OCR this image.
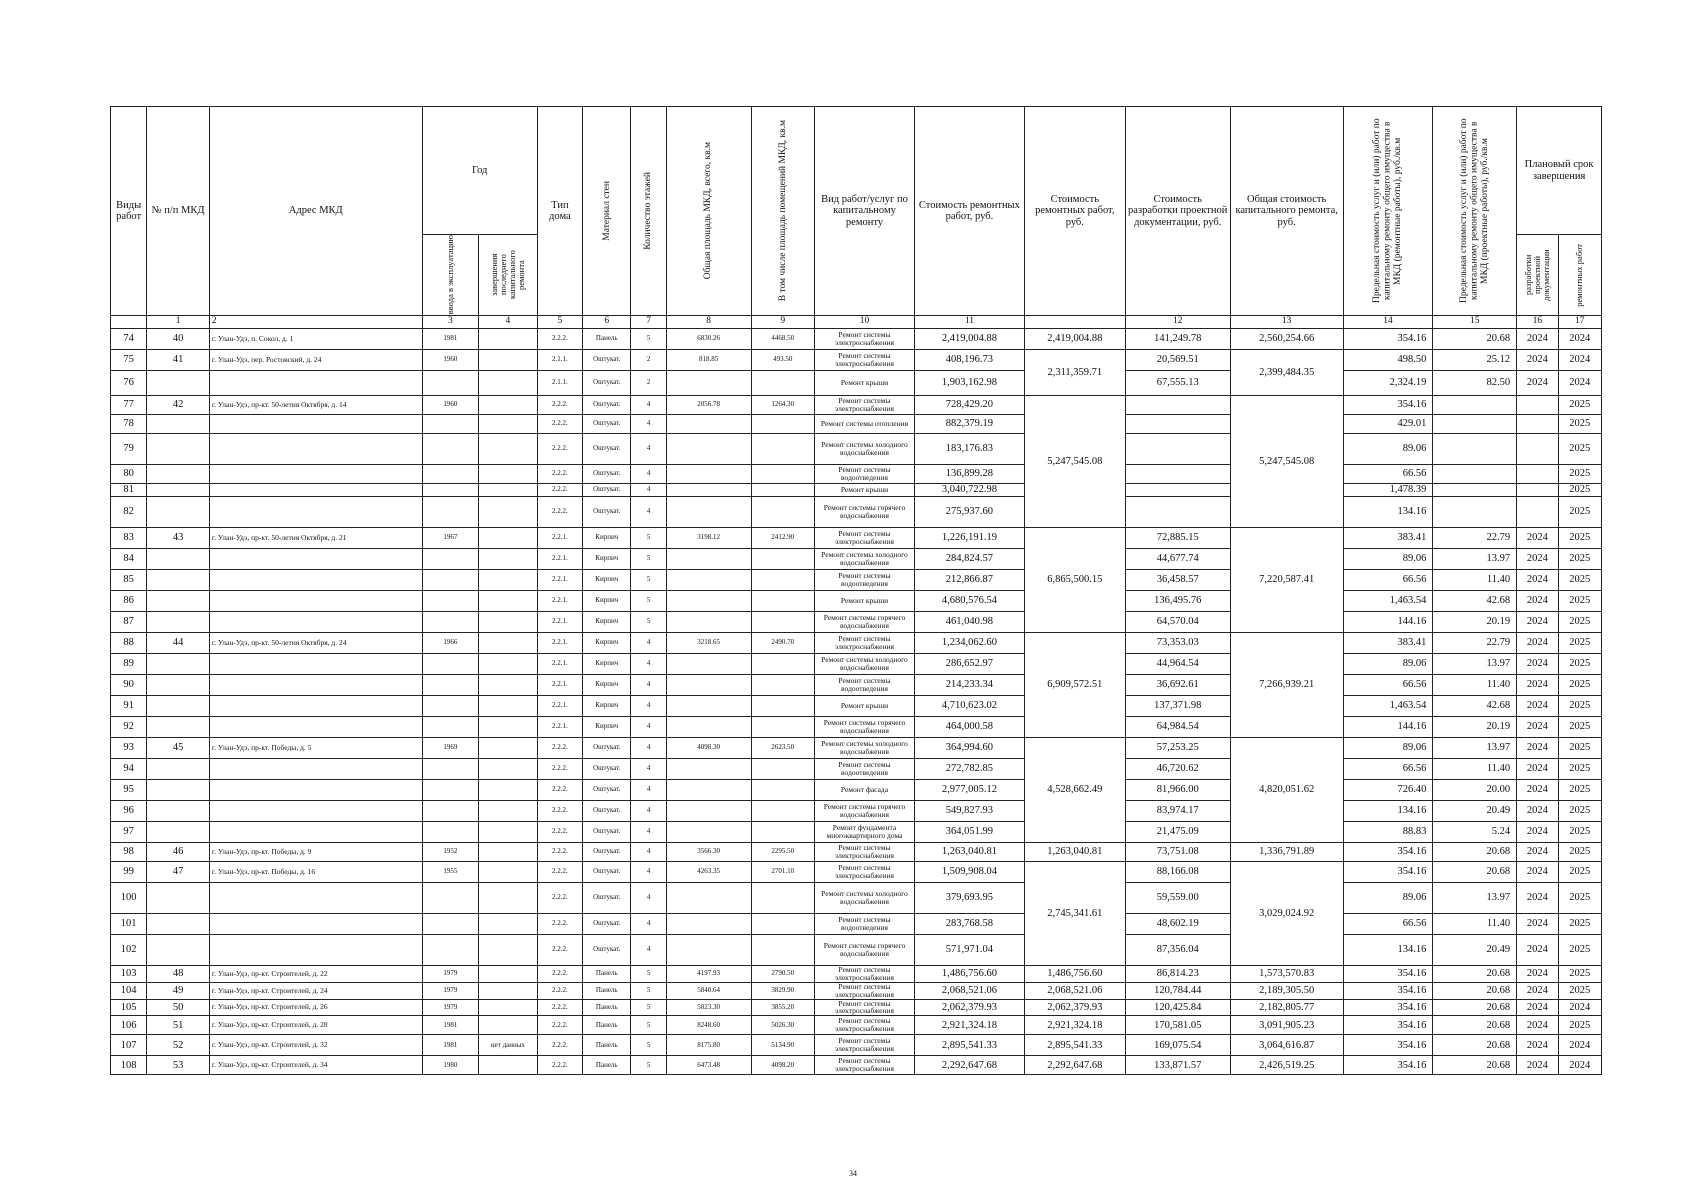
Виды работ	№ п/п МКД	Адрес МКД	Год		Тип дома	Материал стен	Количество этажей	Общая площадь МКД, всего, кв.м	В том числе площадь помещений МКД, кв.м	Вид работ/услуг по капитальному ремонту	Стоимость ремонтных работ, руб.	Стоимость ремонтных работ, руб.	Стоимость разработки проектной документации, руб.	Общая стоимость капитального ремонта, руб.	Предельная стоимость услуг и (или) работ по капитальному ремонту общего имущества в МКД (ремонтные работы), руб./кв.м	Предельная стоимость услуг и (или) работ по капитальному ремонту общего имущества в МКД (проектные работы), руб./кв.м	Плановый срок завершения	

			ввода в эксплуатацию	завершения последнего капитального ремонта													разработки проектной документации	ремонтных работ

	1	2	3	4	5	6	7	8	9	10	11		12	13	14	15	16	17
74	40	г. Улан-Удэ, п. Сокол, д. 1	1981		2.2.2.	Панель	5	6830.26	4468.50	Ремонт системы электроснабжения	2,419,004.88	2,419,004.88	141,249.78	2,560,254.66	354.16	20.68	2024	2024
75	41	г. Улан-Удэ, пер. Ростовский, д. 24	1960		2.1.1.	Оштукат.	2	818.85	493.50	Ремонт системы электроснабжения	408,196.73	2,311,359.71	20,569.51	2,399,484.35	498.50	25.12	2024	2024
76					2.1.1.	Оштукат.	2			Ремонт крыши	1,903,162.98		67,555.13		2,324.19	82.50	2024	2024
77	42	г. Улан-Удэ, пр-кт. 50-летия Октября, д. 14	1960		2.2.2.	Оштукат.	4	2056.78	1264.30	Ремонт системы электроснабжения	728,429.20	5,247,545.08		5,247,545.08	354.16			2025
78					2.2.2.	Оштукат.	4			Ремонт системы отопления	882,379.19				429.01			2025
79					2.2.2.	Оштукат.	4			Ремонт системы холодного водоснабжения	183,176.83				89.06			2025
80					2.2.2.	Оштукат.	4			Ремонт системы водоотведения	136,899.28				66.56			2025
81					2.2.2.	Оштукат.	4			Ремонт крыши	3,040,722.98				1,478.39			2025
82					2.2.2.	Оштукат.	4			Ремонт системы горячего водоснабжения	275,937.60				134.16			2025
83	43	г. Улан-Удэ, пр-кт. 50-летия Октября, д. 21	1967		2.2.1.	Кирпич	5	3198.12	2412.90	Ремонт системы электроснабжения	1,226,191.19	6,865,500.15	72,885.15	7,220,587.41	383.41	22.79	2024	2025
84					2.2.1.	Кирпич	5			Ремонт системы холодного водоснабжения	284,824.57		44,677.74		89.06	13.97	2024	2025
85					2.2.1.	Кирпич	5			Ремонт системы водоотведения	212,866.87		36,458.57		66.56	11.40	2024	2025
86					2.2.1.	Кирпич	5			Ремонт крыши	4,680,576.54		136,495.76		1,463.54	42.68	2024	2025
87					2.2.1.	Кирпич	5			Ремонт системы горячего водоснабжения	461,040.98		64,570.04		144.16	20.19	2024	2025
88	44	г. Улан-Удэ, пр-кт. 50-летия Октября, д. 24	1966		2.2.1.	Кирпич	4	3218.65	2490.70	Ремонт системы электроснабжения	1,234,062.60	6,909,572.51	73,353.03	7,266,939.21	383.41	22.79	2024	2025
89					2.2.1.	Кирпич	4			Ремонт системы холодного водоснабжения	286,652.97		44,964.54		89.06	13.97	2024	2025
90					2.2.1.	Кирпич	4			Ремонт системы водоотведения	214,233.34		36,692.61		66.56	11.40	2024	2025
91					2.2.1.	Кирпич	4			Ремонт крыши	4,710,623.02		137,371.98		1,463.54	42.68	2024	2025
92					2.2.1.	Кирпич	4			Ремонт системы горячего водоснабжения	464,000.58		64,984.54		144.16	20.19	2024	2025
93	45	г. Улан-Удэ, пр-кт. Победы, д. 5	1969		2.2.2.	Оштукат.	4	4098.30	2623.50	Ремонт системы холодного водоснабжения	364,994.60	4,528,662.49	57,253.25	4,820,051.62	89.06	13.97	2024	2025
94					2.2.2.	Оштукат.	4			Ремонт системы водоотведения	272,782.85		46,720.62		66.56	11.40	2024	2025
95					2.2.2.	Оштукат.	4			Ремонт фасада	2,977,005.12		81,966.00		726.40	20.00	2024	2025
96					2.2.2.	Оштукат.	4			Ремонт системы горячего водоснабжения	549,827.93		83,974.17		134.16	20.49	2024	2025
97					2.2.2.	Оштукат.	4			Ремонт фундамента многоквартирного дома	364,051.99		21,475.09		88.83	5.24	2024	2025
98	46	г. Улан-Удэ, пр-кт. Победы, д. 9	1952		2.2.2.	Оштукат.	4	3566.30	2295.50	Ремонт системы электроснабжения	1,263,040.81	1,263,040.81	73,751.08	1,336,791.89	354.16	20.68	2024	2025
99	47	г. Улан-Удэ, пр-кт. Победы, д. 16	1955		2.2.2.	Оштукат.	4	4263.35	2701.10	Ремонт системы электроснабжения	1,509,908.04	2,745,341.61	88,166.08	3,029,024.92	354.16	20.68	2024	2025
100					2.2.2.	Оштукат.	4			Ремонт системы холодного водоснабжения	379,693.95		59,559.00		89.06	13.97	2024	2025
101					2.2.2.	Оштукат.	4			Ремонт системы водоотведения	283,768.58		48,602.19		66.56	11.40	2024	2025
102					2.2.2.	Оштукат.	4			Ремонт системы горячего водоснабжения	571,971.04		87,356.04		134.16	20.49	2024	2025
103	48	г. Улан-Удэ, пр-кт. Строителей, д. 22	1979		2.2.2.	Панель	5	4197.93	2790.50	Ремонт системы электроснабжения	1,486,756.60	1,486,756.60	86,814.23	1,573,570.83	354.16	20.68	2024	2025
104	49	г. Улан-Удэ, пр-кт. Строителей, д. 24	1979		2.2.2.	Панель	5	5840.64	3829.90	Ремонт системы электроснабжения	2,068,521.06	2,068,521.06	120,784.44	2,189,305.50	354.16	20.68	2024	2025
105	50	г. Улан-Удэ, пр-кт. Строителей, д. 26	1979		2.2.2.	Панель	5	5823.30	3855.20	Ремонт системы электроснабжения	2,062,379.93	2,062,379.93	120,425.84	2,182,805.77	354.16	20.68	2024	2024
106	51	г. Улан-Удэ, пр-кт. Строителей, д. 28	1981		2.2.2.	Панель	5	8248.60	5026.30	Ремонт системы электроснабжения	2,921,324.18	2,921,324.18	170,581.05	3,091,905.23	354.16	20.68	2024	2025
107	52	г. Улан-Удэ, пр-кт. Строителей, д. 32	1981	нет данных	2.2.2.	Панель	5	8175.80	5134.90	Ремонт системы электроснабжения	2,895,541.33	2,895,541.33	169,075.54	3,064,616.87	354.16	20.68	2024	2024
108	53	г. Улан-Удэ, пр-кт. Строителей, д. 34	1980		2.2.2.	Панель	5	6473.48	4098.20	Ремонт системы электроснабжения	2,292,647.68	2,292,647.68	133,871.57	2,426,519.25	354.16	20.68	2024	2024
34
